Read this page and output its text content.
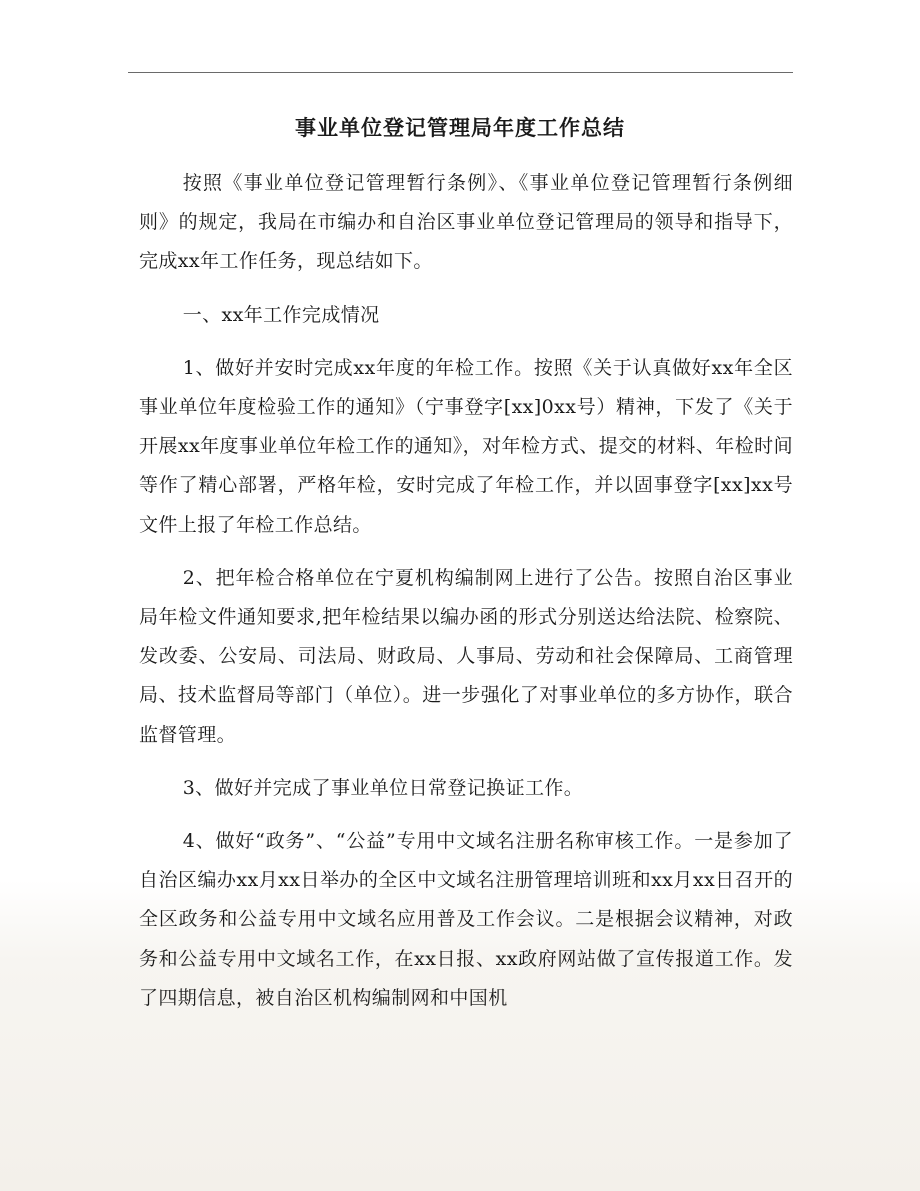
事业单位登记管理局年度工作总结

按照《事业单位登记管理暂行条例》、《事业单位登记管理暂行条例细则》的规定，我局在市编办和自治区事业单位登记管理局的领导和指导下，完成xx年工作任务，现总结如下。

一、xx年工作完成情况

1、做好并安时完成xx年度的年检工作。按照《关于认真做好xx年全区事业单位年度检验工作的通知》（宁事登字[xx]0xx号）精神，下发了《关于开展xx年度事业单位年检工作的通知》，对年检方式、提交的材料、年检时间等作了精心部署，严格年检，安时完成了年检工作，并以固事登字[xx]xx号文件上报了年检工作总结。

2、把年检合格单位在宁夏机构编制网上进行了公告。按照自治区事业局年检文件通知要求,把年检结果以编办函的形式分别送达给法院、检察院、发改委、公安局、司法局、财政局、人事局、劳动和社会保障局、工商管理局、技术监督局等部门（单位）。进一步强化了对事业单位的多方协作，联合监督管理。

3、做好并完成了事业单位日常登记换证工作。

4、做好“政务”、“公益”专用中文域名注册名称审核工作。一是参加了自治区编办xx月xx日举办的全区中文域名注册管理培训班和xx月xx日召开的全区政务和公益专用中文域名应用普及工作会议。二是根据会议精神，对政务和公益专用中文域名工作，在xx日报、xx政府网站做了宣传报道工作。发了四期信息，被自治区机构编制网和中国机
